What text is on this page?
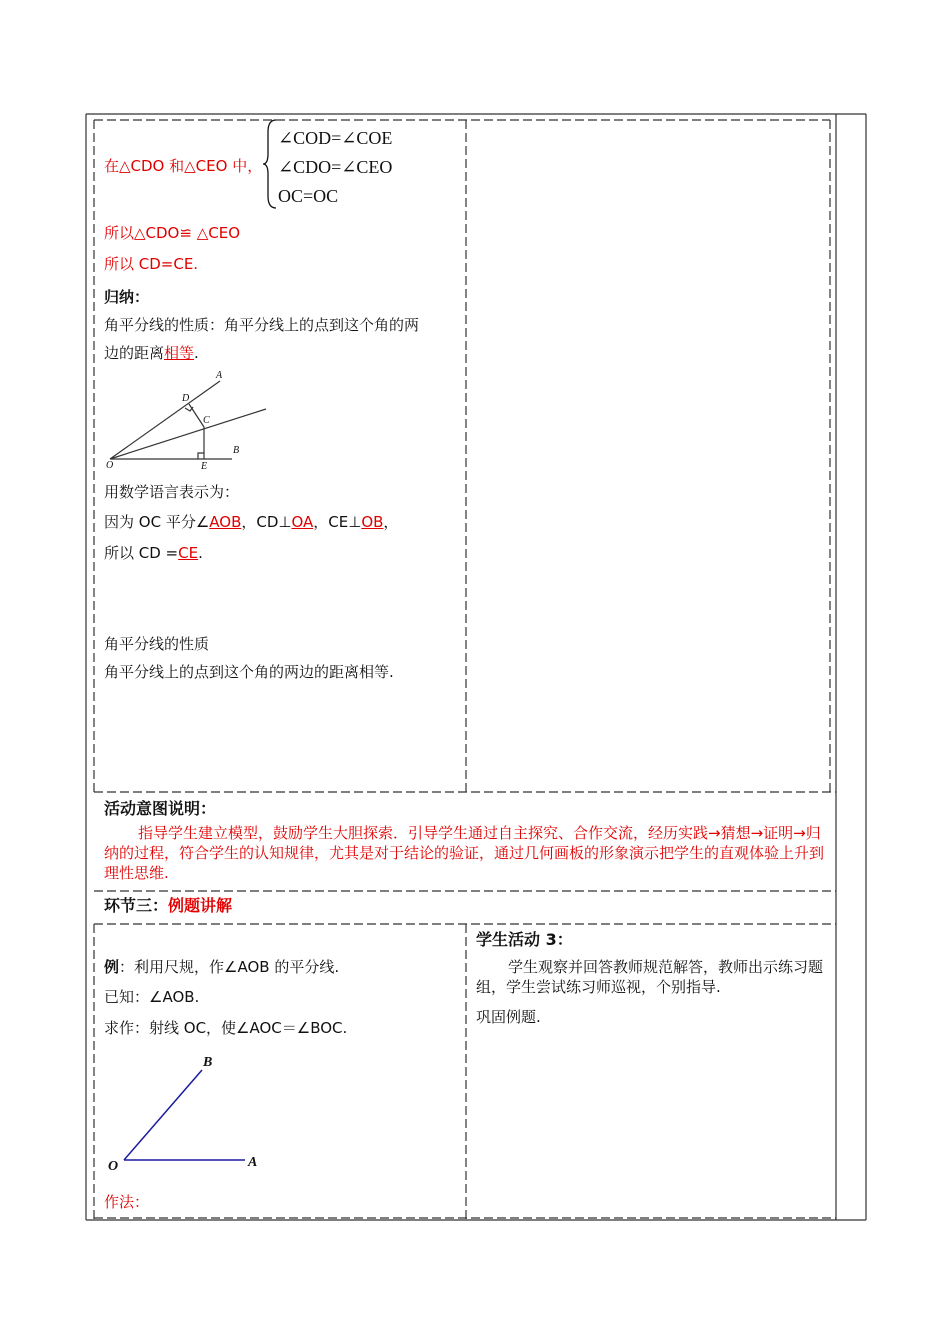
在△CDO 和△CEO 中，
∠COD=∠COE
∠CDO=∠CEO
OC=OC
所以△CDO≌ △CEO
所以 CD=CE.
归纳：
角平分线的性质：角平分线上的点到这个角的两
边的距离相等.
A
D
C
B
E
O
用数学语言表示为：
因为 OC 平分∠AOB，CD⊥OA，CE⊥OB，
所以 CD =CE.
角平分线的性质
角平分线上的点到这个角的两边的距离相等.
活动意图说明：
指导学生建立模型，鼓励学生大胆探索．引导学生通过自主探究、合作交流，经历实践→猜想→证明→归纳的过程，符合学生的认知规律，尤其是对于结论的验证，通过几何画板的形象演示把学生的直观体验上升到理性思维.
环节三：例题讲解
例：利用尺规，作∠AOB 的平分线.
已知：∠AOB.
求作：射线 OC，使∠AOC＝∠BOC.
B
O	A
作法：
学生活动 3：
学生观察并回答教师规范解答，教师出示练习题组，学生尝试练习师巡视，个别指导.
巩固例题.
